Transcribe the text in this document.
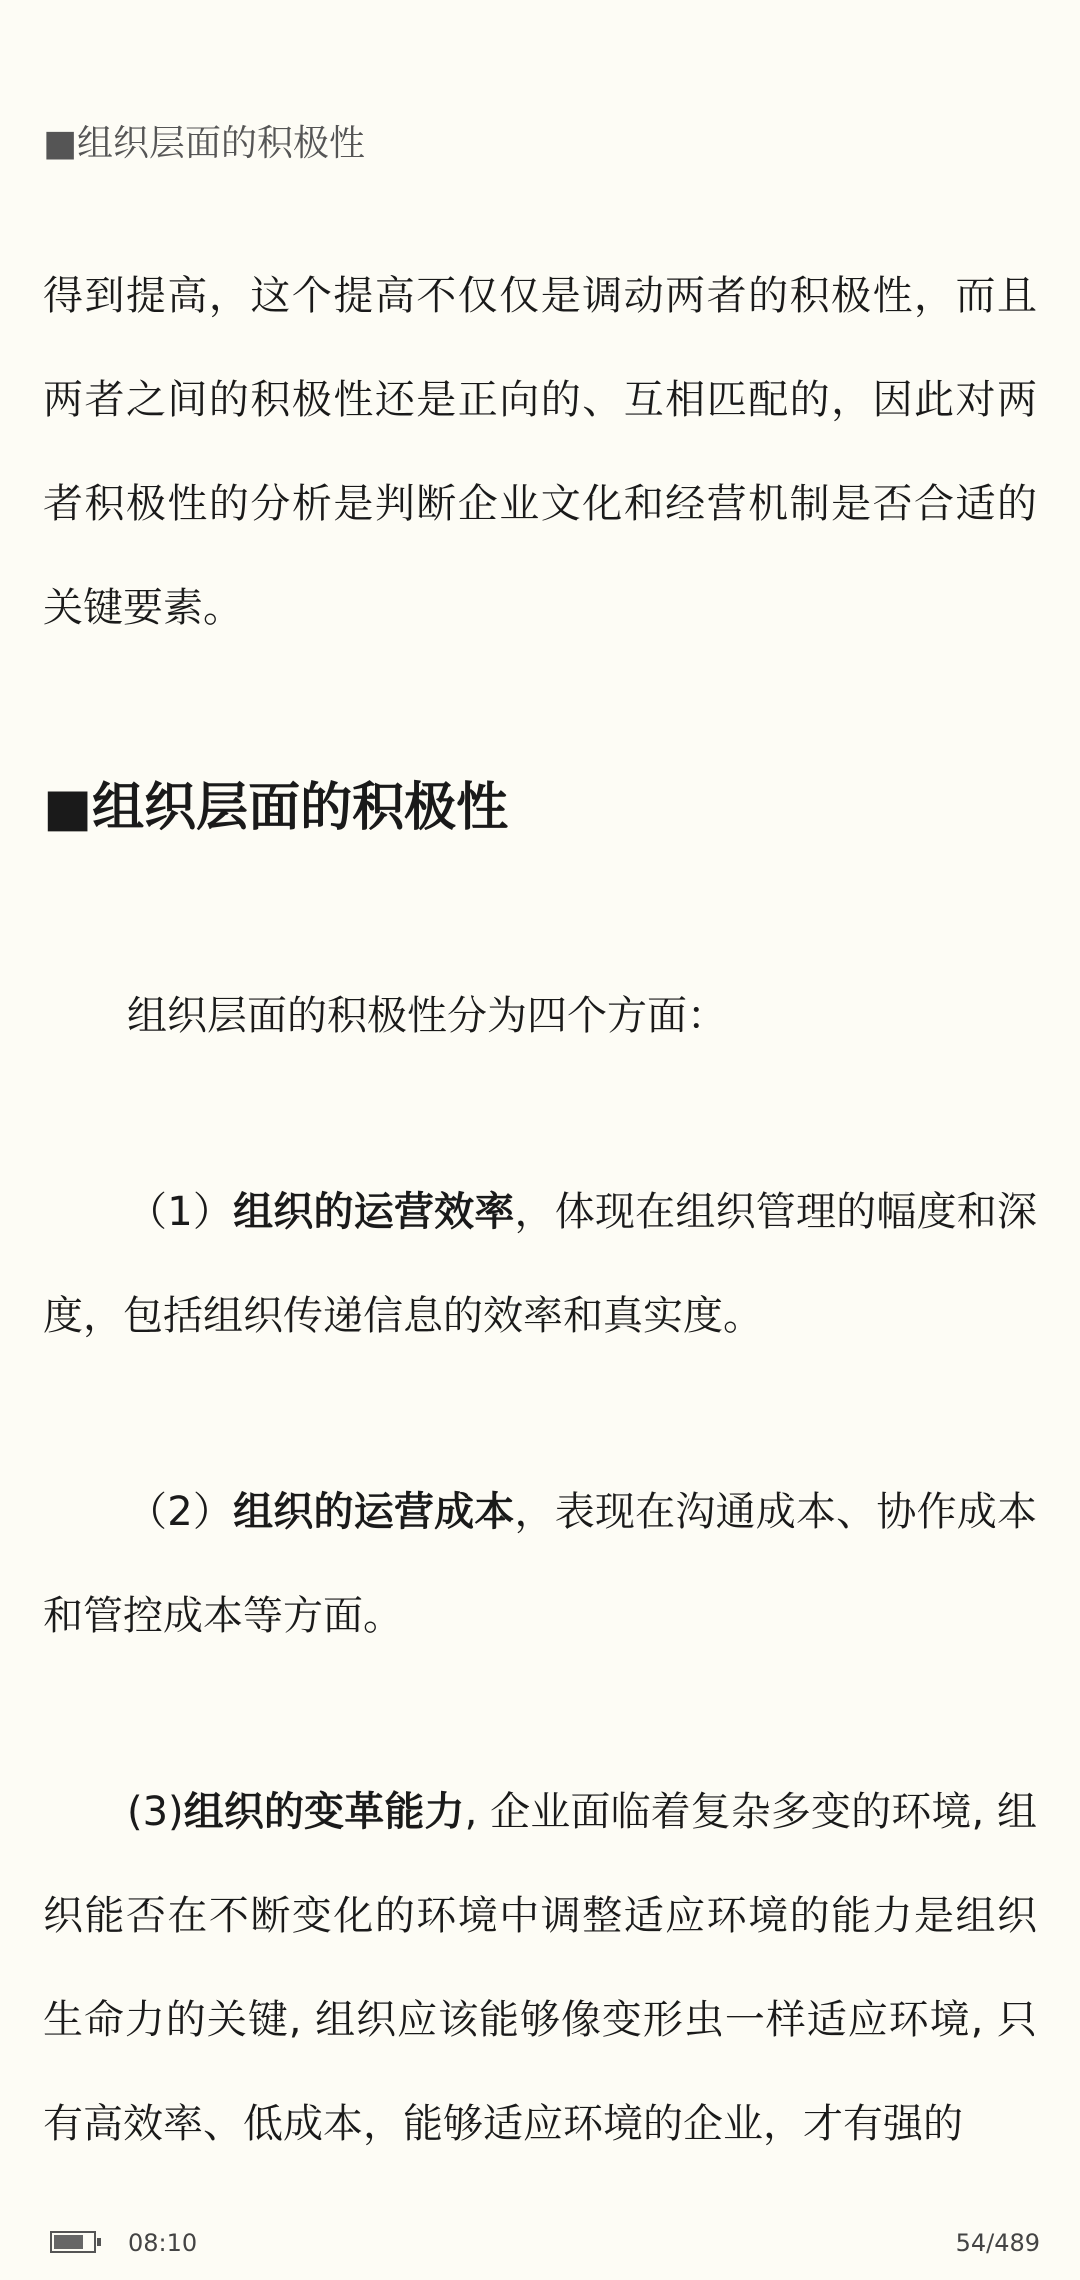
■组织层面的积极性

得到提高，这个提高不仅仅是调动两者的积极性，而且两者之间的积极性还是正向的、互相匹配的，因此对两者积极性的分析是判断企业文化和经营机制是否合适的关键要素。

■组织层面的积极性

组织层面的积极性分为四个方面：

（1）组织的运营效率，体现在组织管理的幅度和深度，包括组织传递信息的效率和真实度。

（2）组织的运营成本，表现在沟通成本、协作成本和管控成本等方面。

(3)组织的变革能力, 企业面临着复杂多变的环境, 组织能否在不断变化的环境中调整适应环境的能力是组织生命力的关键, 组织应该能够像变形虫一样适应环境, 只有高效率、低成本，能够适应环境的企业，才有强的

08:10	54/489
